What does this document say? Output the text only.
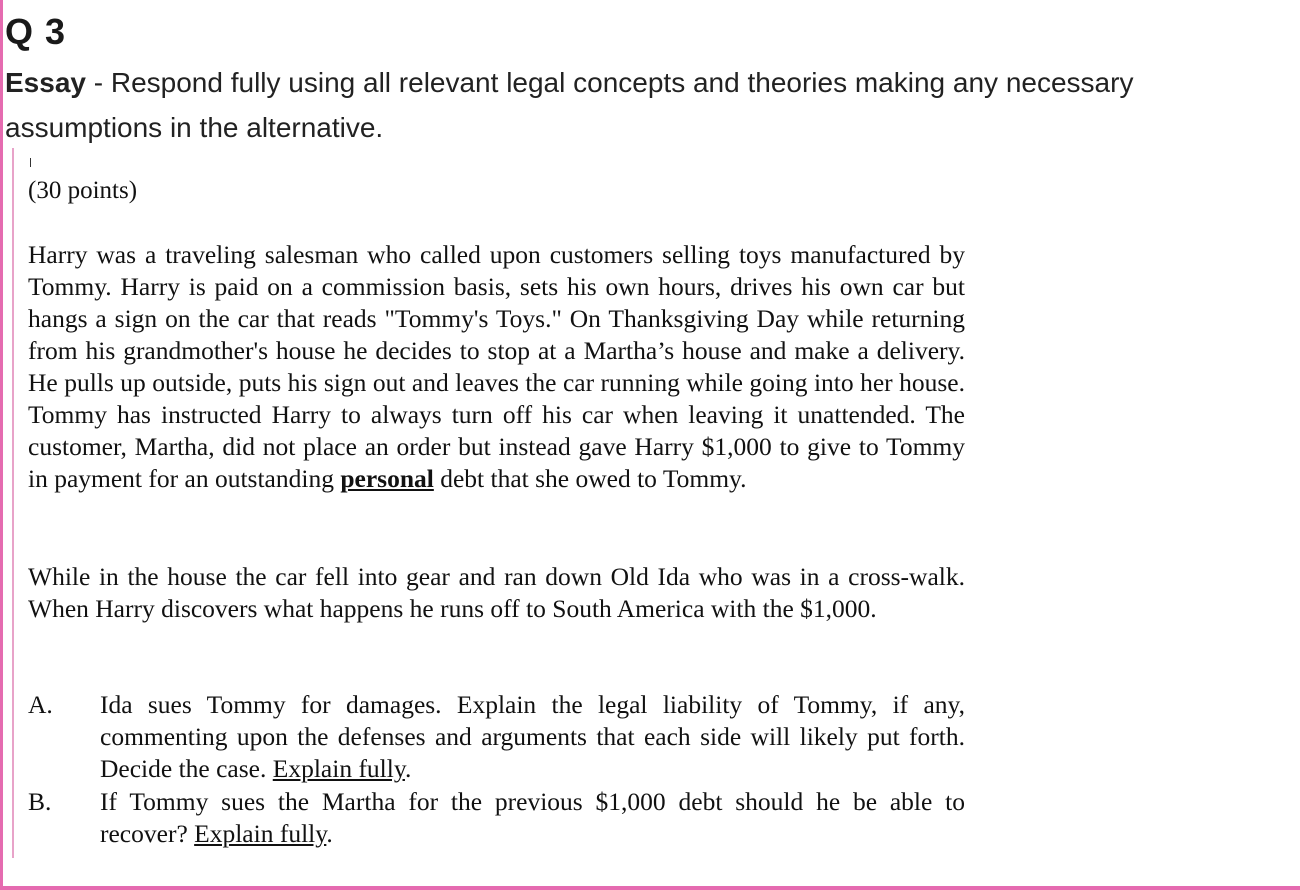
Q 3
Essay - Respond fully using all relevant legal concepts and theories making any necessary assumptions in the alternative.
(30 points)
Harry was a traveling salesman who called upon customers selling toys manufactured by Tommy. Harry is paid on a commission basis, sets his own hours, drives his own car but hangs a sign on the car that reads "Tommy's Toys." On Thanksgiving Day while returning from his grandmother's house he decides to stop at a Martha’s house and make a delivery. He pulls up outside, puts his sign out and leaves the car running while going into her house. Tommy has instructed Harry to always turn off his car when leaving it unattended. The customer, Martha, did not place an order but instead gave Harry $1,000 to give to Tommy in payment for an outstanding personal debt that she owed to Tommy.
While in the house the car fell into gear and ran down Old Ida who was in a cross-walk. When Harry discovers what happens he runs off to South America with the $1,000.
A.	Ida sues Tommy for damages. Explain the legal liability of Tommy, if any, commenting upon the defenses and arguments that each side will likely put forth. Decide the case. Explain fully.
B.	If Tommy sues the Martha for the previous $1,000 debt should he be able to recover? Explain fully.
